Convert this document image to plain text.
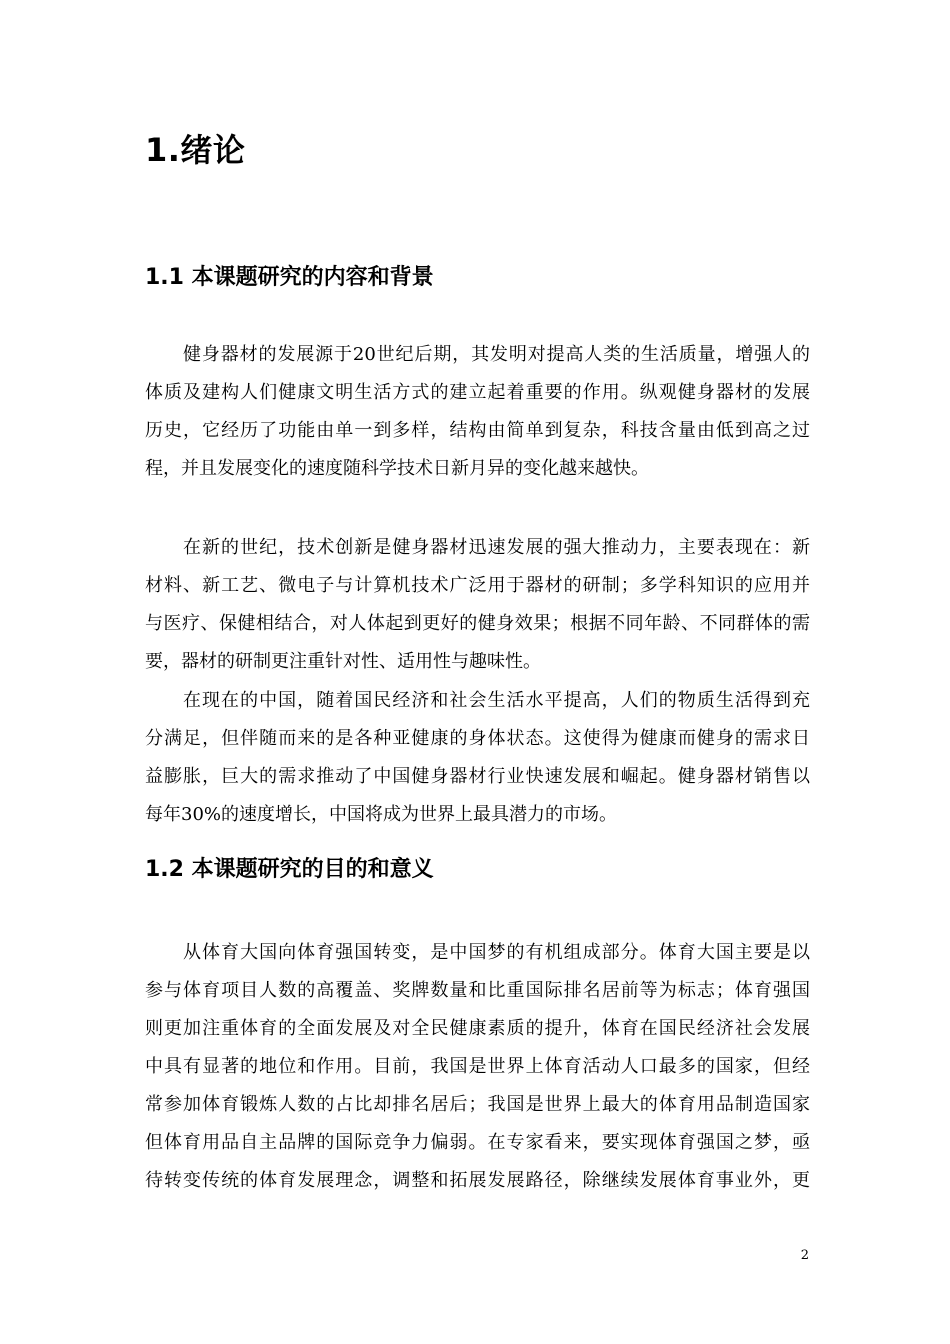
1.绪论
1.1 本课题研究的内容和背景
健身器材的发展源于20世纪后期，其发明对提高人类的生活质量，增强人的
体质及建构人们健康文明生活方式的建立起着重要的作用。纵观健身器材的发展
历史，它经历了功能由单一到多样，结构由简单到复杂，科技含量由低到高之过
程，并且发展变化的速度随科学技术日新月异的变化越来越快。
在新的世纪，技术创新是健身器材迅速发展的强大推动力，主要表现在：新
材料、新工艺、微电子与计算机技术广泛用于器材的研制；多学科知识的应用并
与医疗、保健相结合，对人体起到更好的健身效果；根据不同年龄、不同群体的需
要，器材的研制更注重针对性、适用性与趣味性。
在现在的中国，随着国民经济和社会生活水平提高，人们的物质生活得到充
分满足，但伴随而来的是各种亚健康的身体状态。这使得为健康而健身的需求日
益膨胀，巨大的需求推动了中国健身器材行业快速发展和崛起。健身器材销售以
每年30%的速度增长，中国将成为世界上最具潜力的市场。
1.2 本课题研究的目的和意义
从体育大国向体育强国转变，是中国梦的有机组成部分。体育大国主要是以
参与体育项目人数的高覆盖、奖牌数量和比重国际排名居前等为标志；体育强国
则更加注重体育的全面发展及对全民健康素质的提升，体育在国民经济社会发展
中具有显著的地位和作用。目前，我国是世界上体育活动人口最多的国家，但经
常参加体育锻炼人数的占比却排名居后；我国是世界上最大的体育用品制造国家
但体育用品自主品牌的国际竞争力偏弱。在专家看来，要实现体育强国之梦，亟
待转变传统的体育发展理念，调整和拓展发展路径，除继续发展体育事业外，更
2
